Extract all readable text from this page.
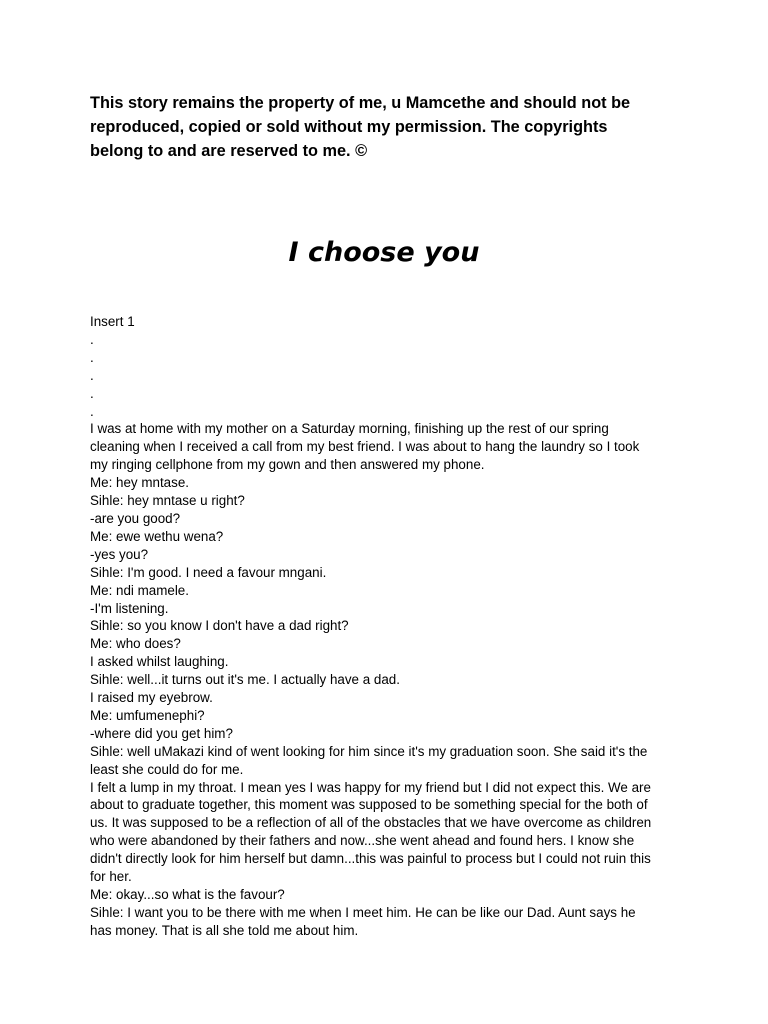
This story remains the property of me, u Mamcethe and should not be
reproduced, copied or sold without my permission. The copyrights
belong to and are reserved to me. ©

I choose you
Insert 1
.
.
.
.
.
I was at home with my mother on a Saturday morning, finishing up the rest of our spring
cleaning when I received a call from my best friend. I was about to hang the laundry so I took
my ringing cellphone from my gown and then answered my phone.
Me: hey mntase.
Sihle: hey mntase u right?
-are you good?
Me: ewe wethu wena?
-yes you?
Sihle: I'm good. I need a favour mngani.
Me: ndi mamele.
-I'm listening.
Sihle: so you know I don't have a dad right?
Me: who does?
I asked whilst laughing.
Sihle: well...it turns out it's me. I actually have a dad.
I raised my eyebrow.
Me: umfumenephi?
-where did you get him?
Sihle: well uMakazi kind of went looking for him since it's my graduation soon. She said it's the
least she could do for me.
I felt a lump in my throat. I mean yes I was happy for my friend but I did not expect this. We are
about to graduate together, this moment was supposed to be something special for the both of
us. It was supposed to be a reflection of all of the obstacles that we have overcome as children
who were abandoned by their fathers and now...she went ahead and found hers. I know she
didn't directly look for him herself but damn...this was painful to process but I could not ruin this
for her.
Me: okay...so what is the favour?
Sihle: I want you to be there with me when I meet him. He can be like our Dad. Aunt says he
has money. That is all she told me about him.
